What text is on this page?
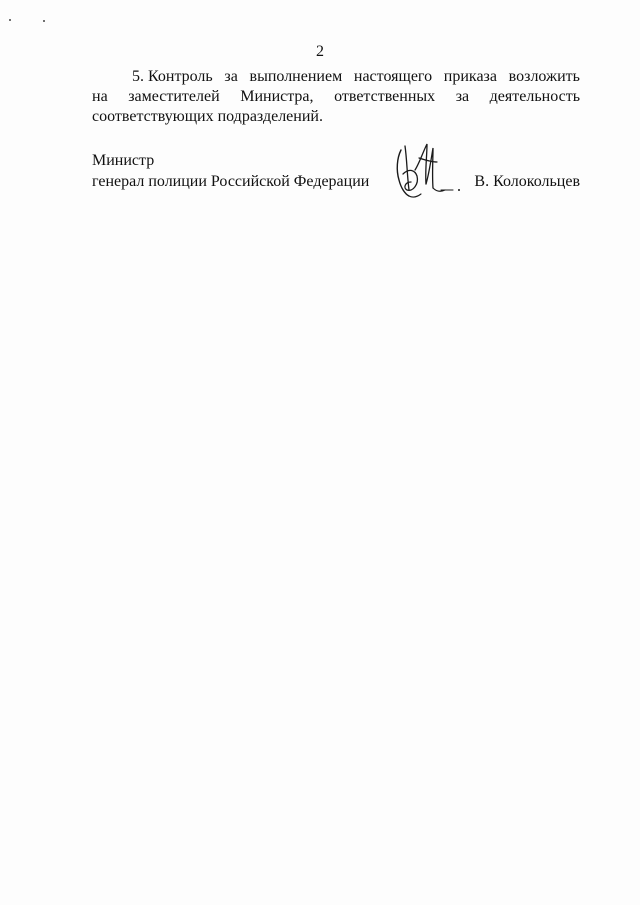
2
5. Контроль за выполнением настоящего приказа возложить
на заместителей Министра, ответственных за деятельность
соответствующих подразделений.
Министр
генерал полиции Российской Федерации	В. Колокольцев
